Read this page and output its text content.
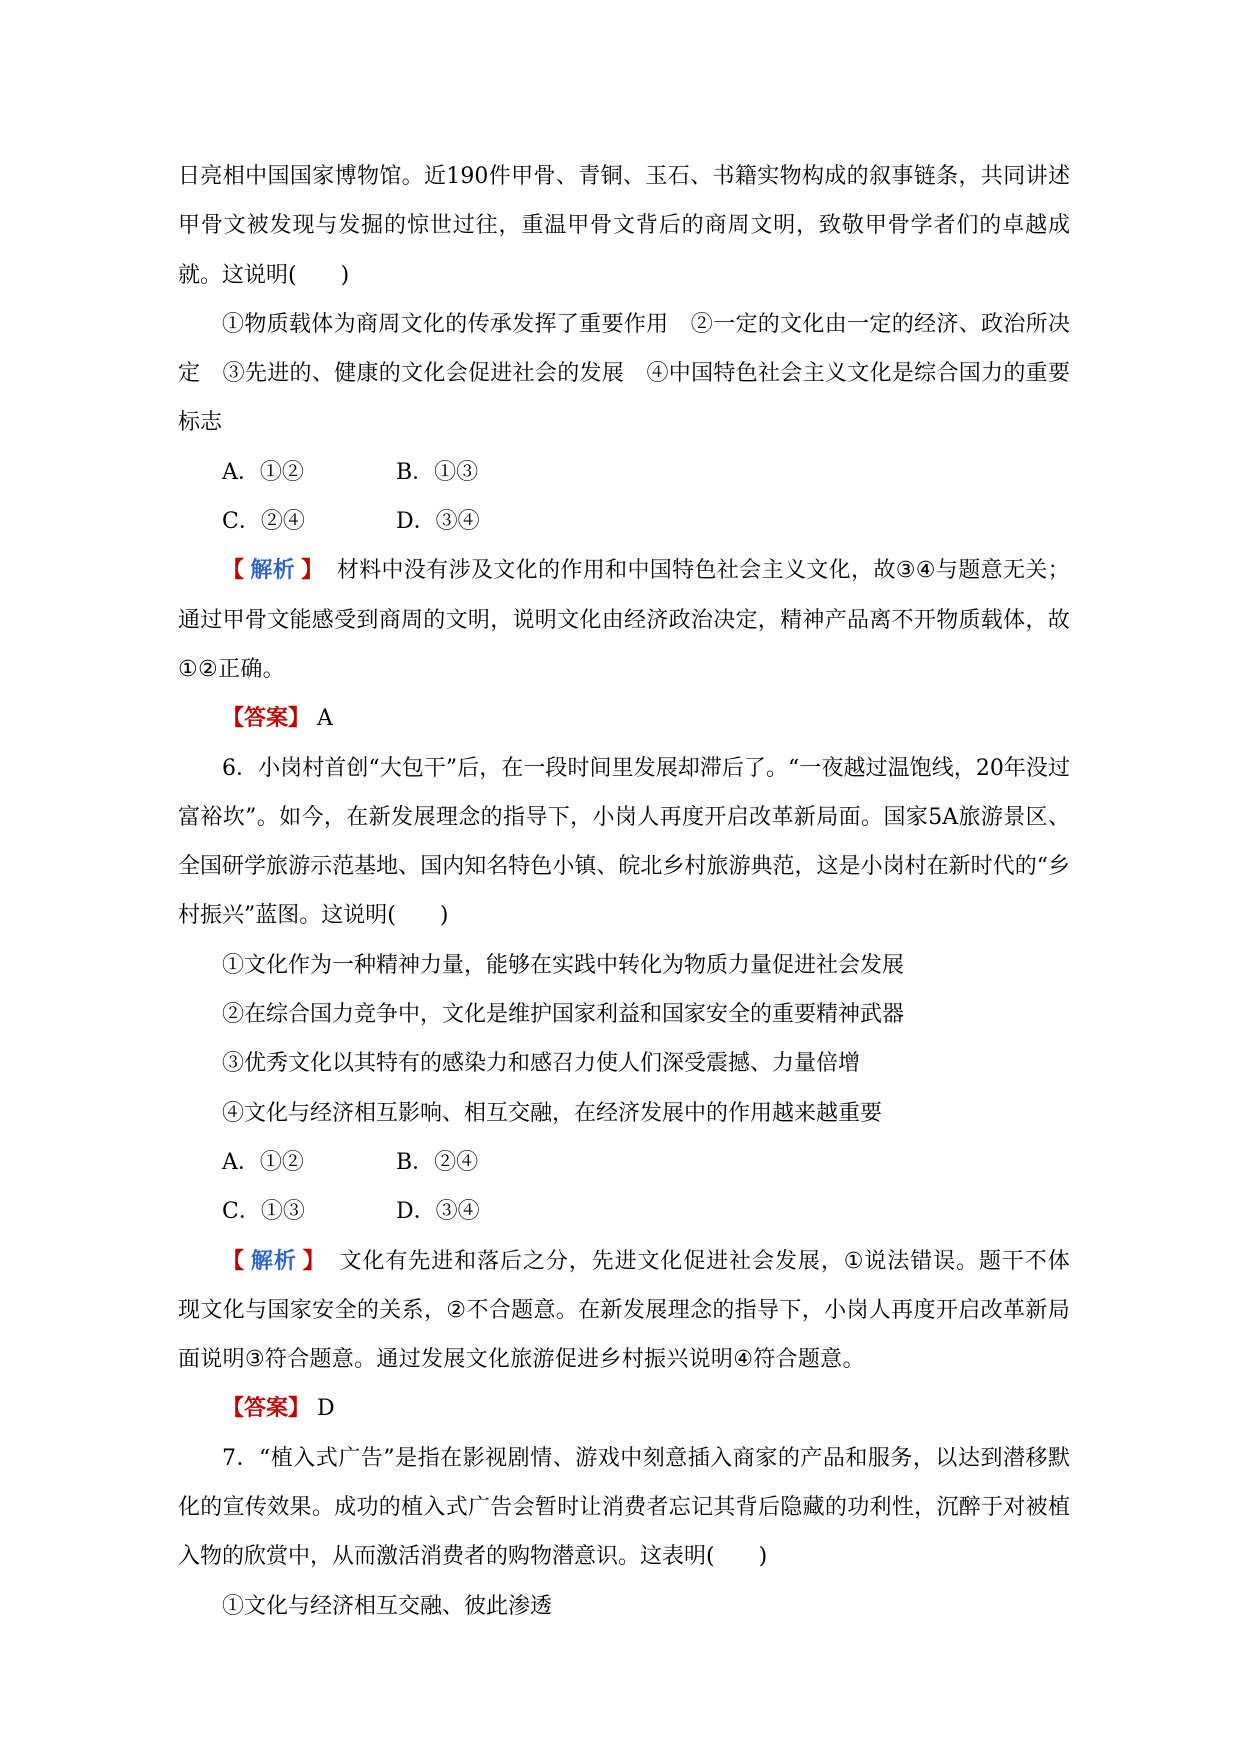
日亮相中国国家博物馆。近190件甲骨、青铜、玉石、书籍实物构成的叙事链条，共同讲述甲骨文被发现与发掘的惊世过往，重温甲骨文背后的商周文明，致敬甲骨学者们的卓越成就。这说明(　　)

①物质载体为商周文化的传承发挥了重要作用　②一定的文化由一定的经济、政治所决定　③先进的、健康的文化会促进社会的发展　④中国特色社会主义文化是综合国力的重要标志

A．①②	B．①③
C．②④	D．③④

【 解析 】 材料中没有涉及文化的作用和中国特色社会主义文化，故③④与题意无关；通过甲骨文能感受到商周的文明，说明文化由经济政治决定，精神产品离不开物质载体，故①②正确。

【答案】 A

6．小岗村首创“大包干”后，在一段时间里发展却滞后了。“一夜越过温饱线，20年没过富裕坎”。如今，在新发展理念的指导下，小岗人再度开启改革新局面。国家5A旅游景区、全国研学旅游示范基地、国内知名特色小镇、皖北乡村旅游典范，这是小岗村在新时代的“乡村振兴”蓝图。这说明(　　)

①文化作为一种精神力量，能够在实践中转化为物质力量促进社会发展

②在综合国力竞争中，文化是维护国家利益和国家安全的重要精神武器

③优秀文化以其特有的感染力和感召力使人们深受震撼、力量倍增

④文化与经济相互影响、相互交融，在经济发展中的作用越来越重要

A．①②	B．②④
C．①③	D．③④

【 解析 】 文化有先进和落后之分，先进文化促进社会发展，①说法错误。题干不体现文化与国家安全的关系，②不合题意。在新发展理念的指导下，小岗人再度开启改革新局面说明③符合题意。通过发展文化旅游促进乡村振兴说明④符合题意。

【答案】 D

7．“植入式广告”是指在影视剧情、游戏中刻意插入商家的产品和服务，以达到潜移默化的宣传效果。成功的植入式广告会暂时让消费者忘记其背后隐藏的功利性，沉醉于对被植入物的欣赏中，从而激活消费者的购物潜意识。这表明(　　)

①文化与经济相互交融、彼此渗透
